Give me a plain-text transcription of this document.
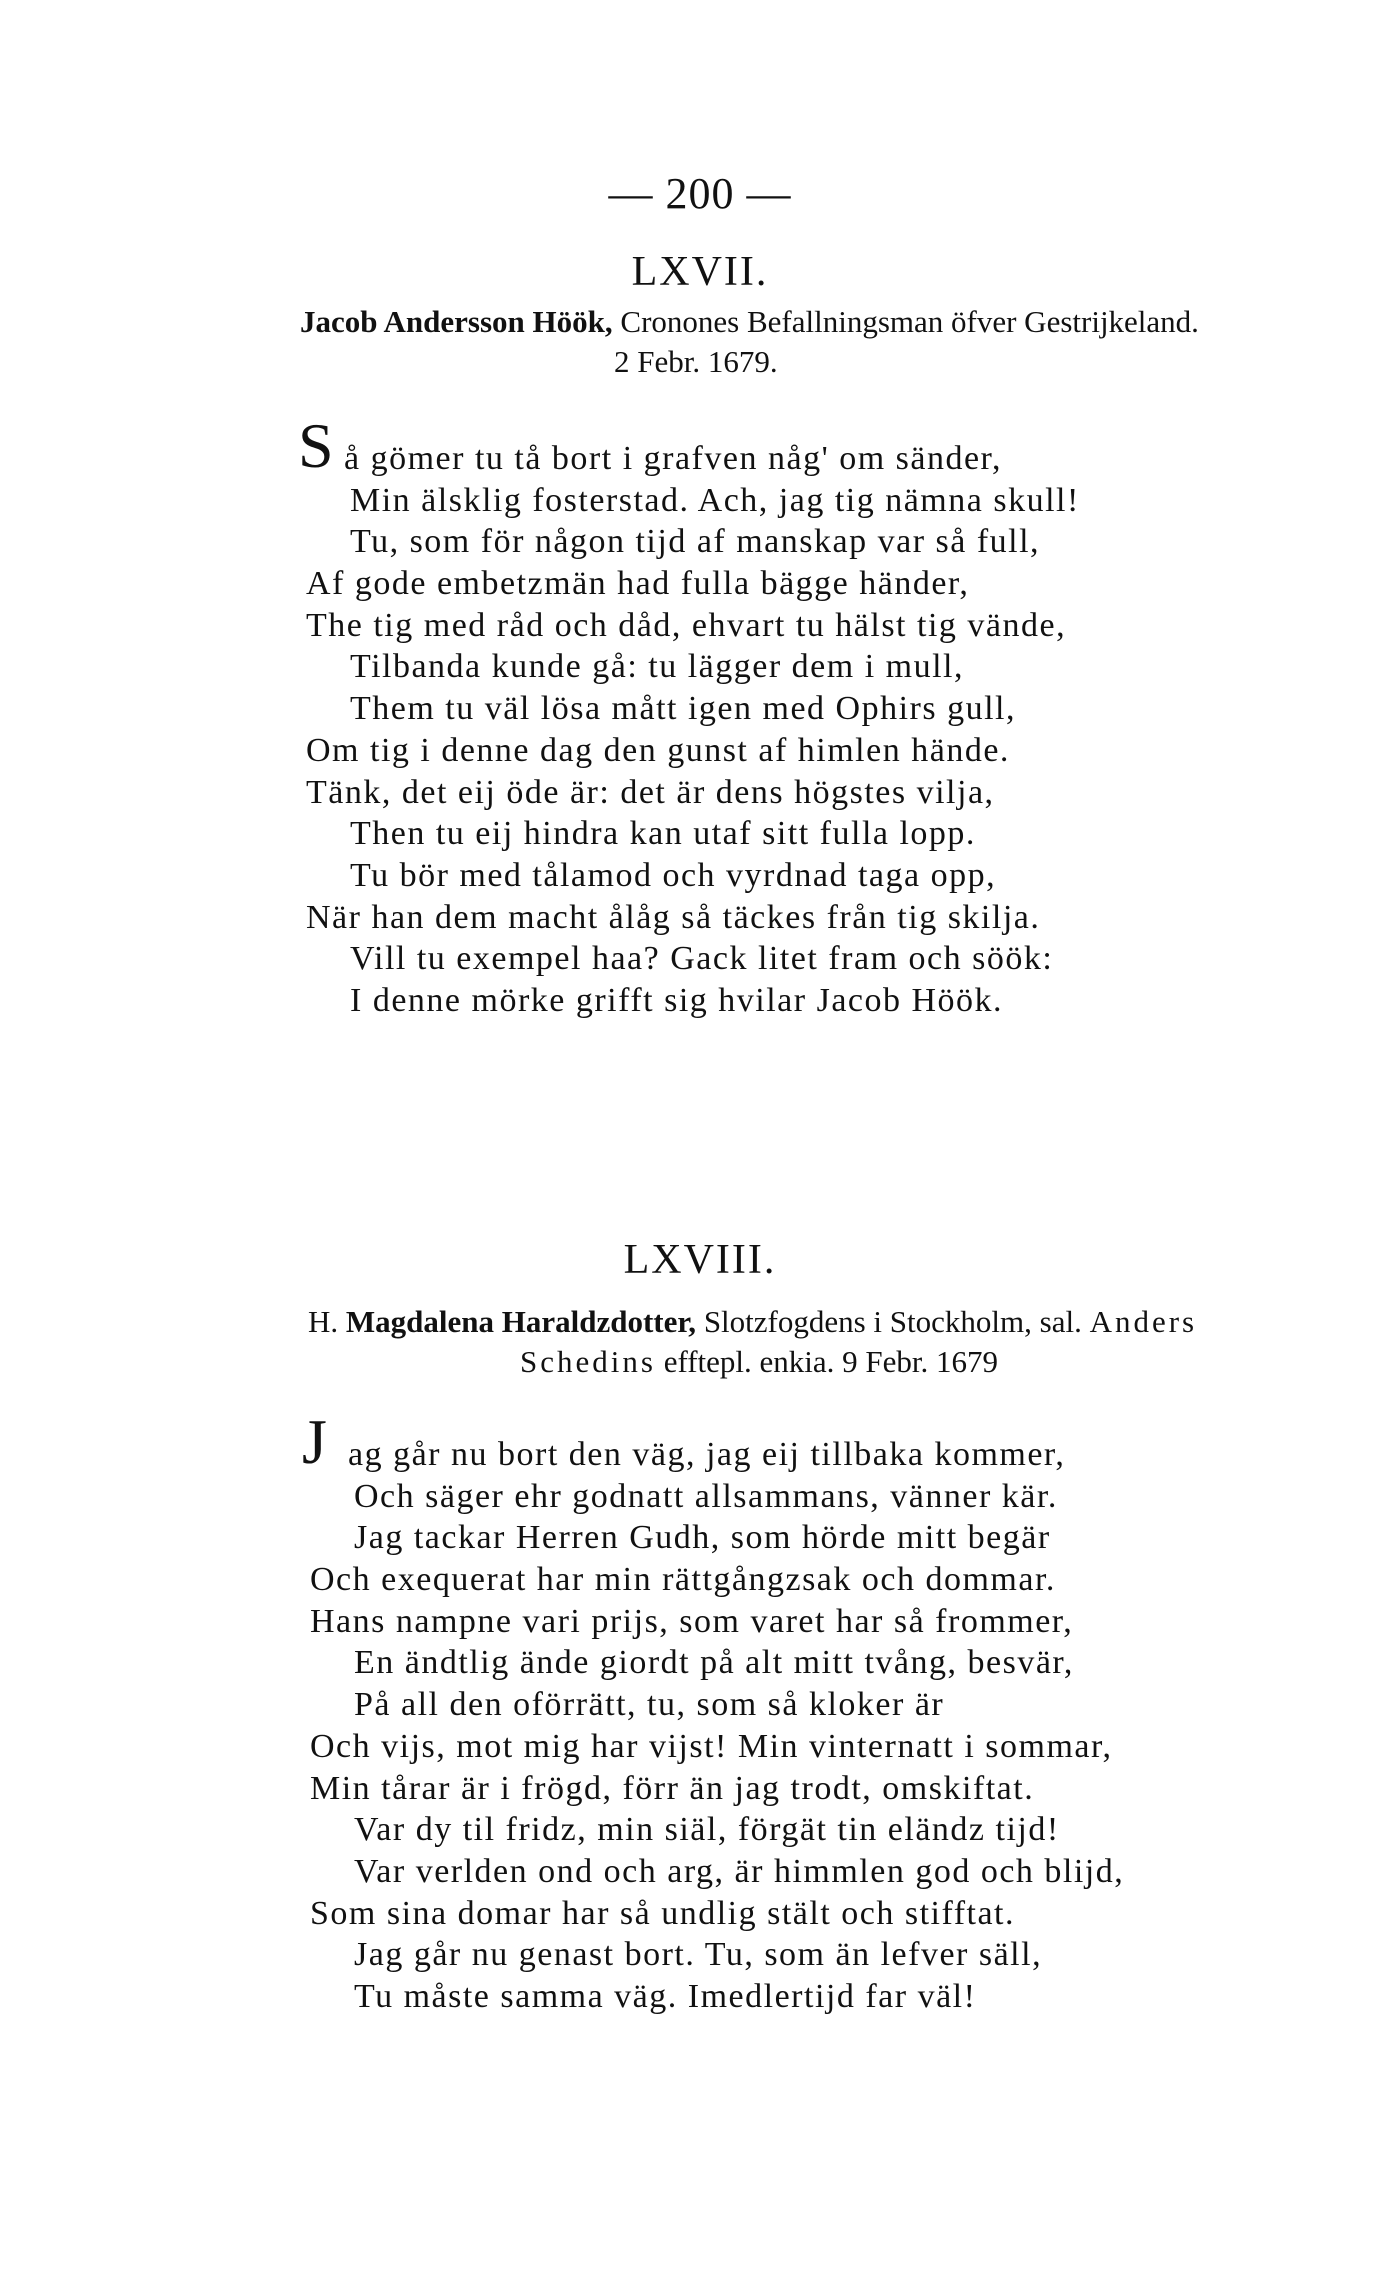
— 200 —
LXVII.
Jacob Andersson Höök, Cronones Befallningsman öfver Gestrijkeland.
2 Febr. 1679.
S å gömer tu tå bort i grafven någ' om sänder,
Min älsklig fosterstad. Ach, jag tig nämna skull!
Tu, som för någon tijd af manskap var så full,
Af gode embetzmän had fulla bägge händer,
The tig med råd och dåd, ehvart tu hälst tig vände,
Tilbanda kunde gå: tu lägger dem i mull,
Them tu väl lösa mått igen med Ophirs gull,
Om tig i denne dag den gunst af himlen hände.
Tänk, det eij öde är: det är dens högstes vilja,
Then tu eij hindra kan utaf sitt fulla lopp.
Tu bör med tålamod och vyrdnad taga opp,
När han dem macht ålåg så täckes från tig skilja.
Vill tu exempel haa? Gack litet fram och söök:
I denne mörke grifft sig hvilar Jacob Höök.
LXVIII.
H. Magdalena Haraldzdotter, Slotzfogdens i Stockholm, sal. Anders
Schedins efftерl. enkia. 9 Febr. 1679
J ag går nu bort den väg, jag eij tillbaka kommer,
Och säger ehr godnatt allsammans, vänner kär.
Jag tackar Herren Gudh, som hörde mitt begär
Och exequerat har min rättgångzsak och dommar.
Hans nampne vari prijs, som varet har så frommer,
En ändtlig ände giordt på alt mitt tvång, besvär,
På all den oförrätt, tu, som så kloker är
Och vijs, mot mig har vijst! Min vinternatt i sommar,
Min tårar är i frögd, förr än jag trodt, omskiftat.
Var dy til fridz, min siäl, förgät tin eländz tijd!
Var verlden ond och arg, är himmlen god och blijd,
Som sina domar har så undlig stält och stifftat.
Jag går nu genast bort. Tu, som än lefver säll,
Tu måste samma väg. Imedlertijd far väl!
